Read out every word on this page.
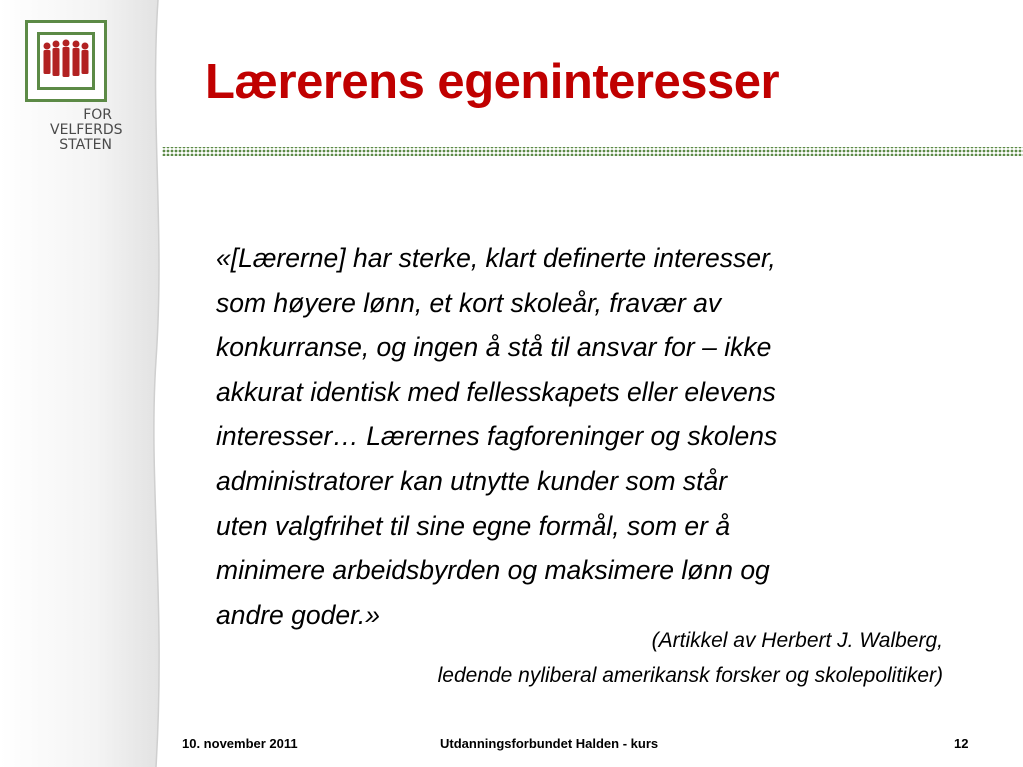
FOR
VELFERDS
STATEN
Lærerens egeninteresser
«[Lærerne] har sterke, klart definerte interesser,
som høyere lønn, et kort skoleår, fravær av
konkurranse, og ingen å stå til ansvar for – ikke
akkurat identisk med fellesskapets eller elevens
interesser… Lærernes fagforeninger og skolens
administratorer kan utnytte kunder som står
uten valgfrihet til sine egne formål, som er å
minimere arbeidsbyrden og maksimere lønn og
andre goder.»

(Artikkel av Herbert J. Walberg,

ledende nyliberal amerikansk forsker og skolepolitiker)

10. november 2011	Utdanningsforbundet Halden - kurs	12
